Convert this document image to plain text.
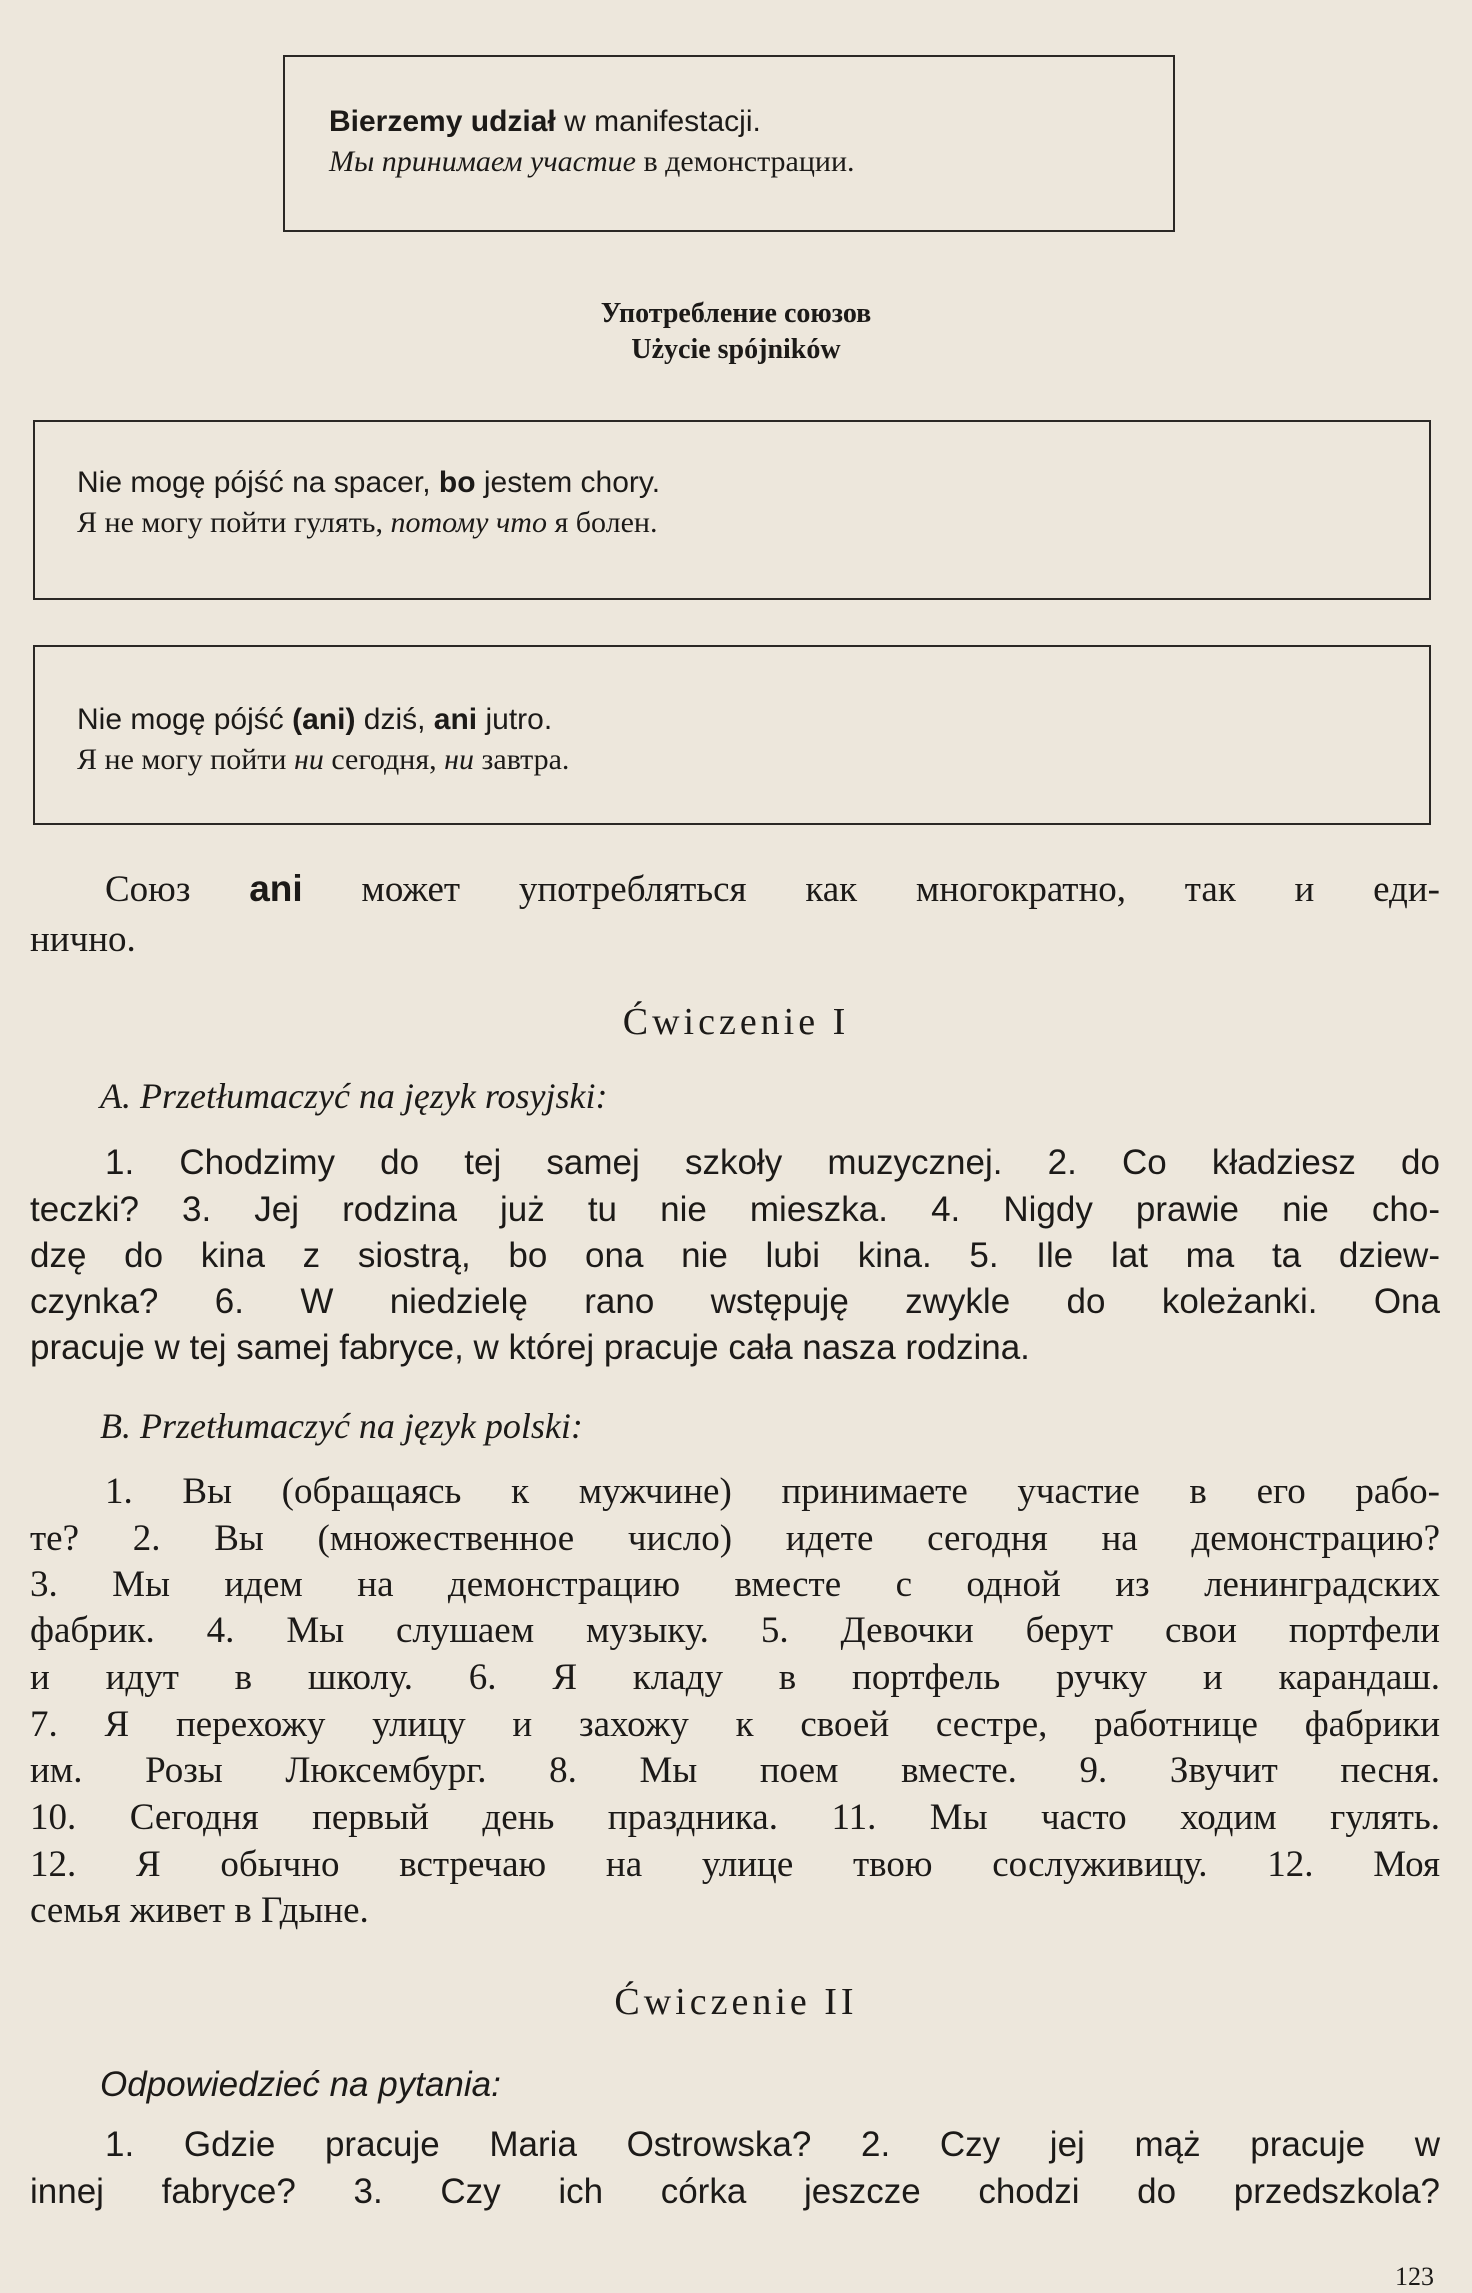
Bierzemy udział w manifestacji.
Мы принимаем участие в демонстрации.
Употребление союзов
Użycie spójników
Nie mogę pójść na spacer, bo jestem chory.
Я не могу пойти гулять, потому что я болен.
Nie mogę pójść (ani) dziś, ani jutro.
Я не могу пойти ни сегодня, ни завтра.
Союз ani может употребляться как многократно, так и еди-
нично.
Ćwiczenie I
A. Przetłumaczyć na język rosyjski:
1. Chodzimy do tej samej szkoły muzycznej. 2. Co kładziesz do
teczki? 3. Jej rodzina już tu nie mieszka. 4. Nigdy prawie nie cho-
dzę do kina z siostrą, bo ona nie lubi kina. 5. Ile lat ma ta dziew-
czynka? 6. W niedzielę rano wstępuję zwykle do koleżanki. Ona
pracuje w tej samej fabryce, w której pracuje cała nasza rodzina.
B. Przetłumaczyć na język polski:
1. Вы (обращаясь к мужчине) принимаете участие в его рабо-
те? 2. Вы (множественное число) идете сегодня на демонстрацию?
3. Мы идем на демонстрацию вместе с одной из ленинградских
фабрик. 4. Мы слушаем музыку. 5. Девочки берут свои портфели
и идут в школу. 6. Я кладу в портфель ручку и карандаш.
7. Я перехожу улицу и захожу к своей сестре, работнице фабрики
им. Розы Люксембург. 8. Мы поем вместе. 9. Звучит песня.
10. Сегодня первый день праздника. 11. Мы часто ходим гулять.
12. Я обычно встречаю на улице твою сослуживицу. 12. Моя
семья живет в Гдыне.
Ćwiczenie II
Odpowiedzieć na pytania:
1. Gdzie pracuje Maria Ostrowska? 2. Czy jej mąż pracuje w
innej fabryce? 3. Czy ich córka jeszcze chodzi do przedszkola?
123
